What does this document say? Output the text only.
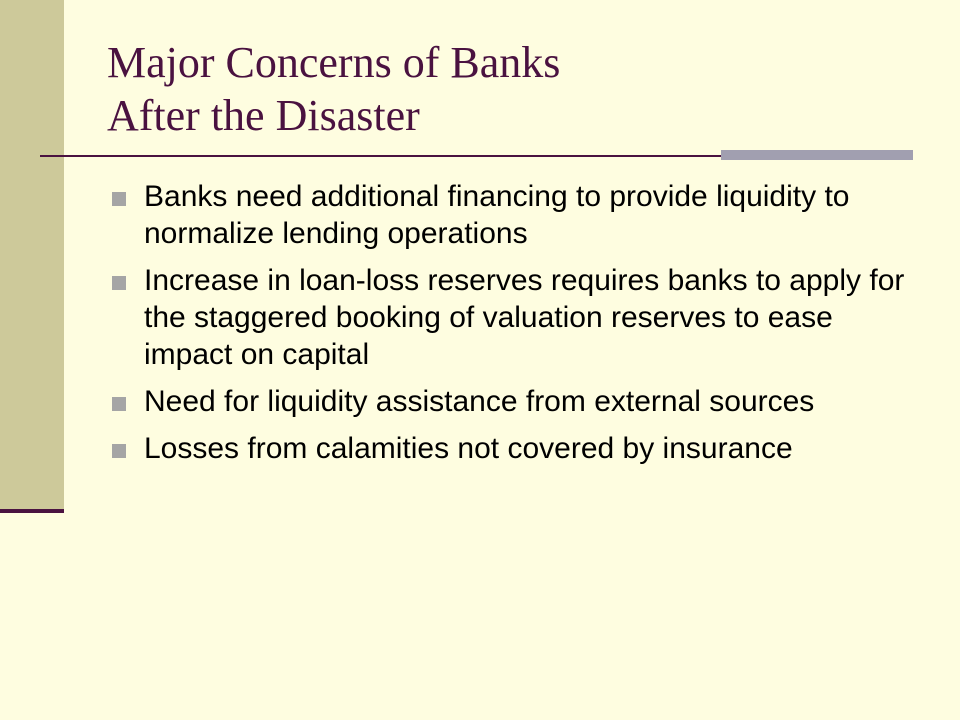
Major Concerns of Banks
After the Disaster
Banks need additional financing to provide liquidity to normalize lending operations
Increase in loan-loss reserves requires banks to apply for the staggered booking of valuation reserves to ease impact on capital
Need for liquidity assistance from external sources
Losses from calamities not covered by insurance
